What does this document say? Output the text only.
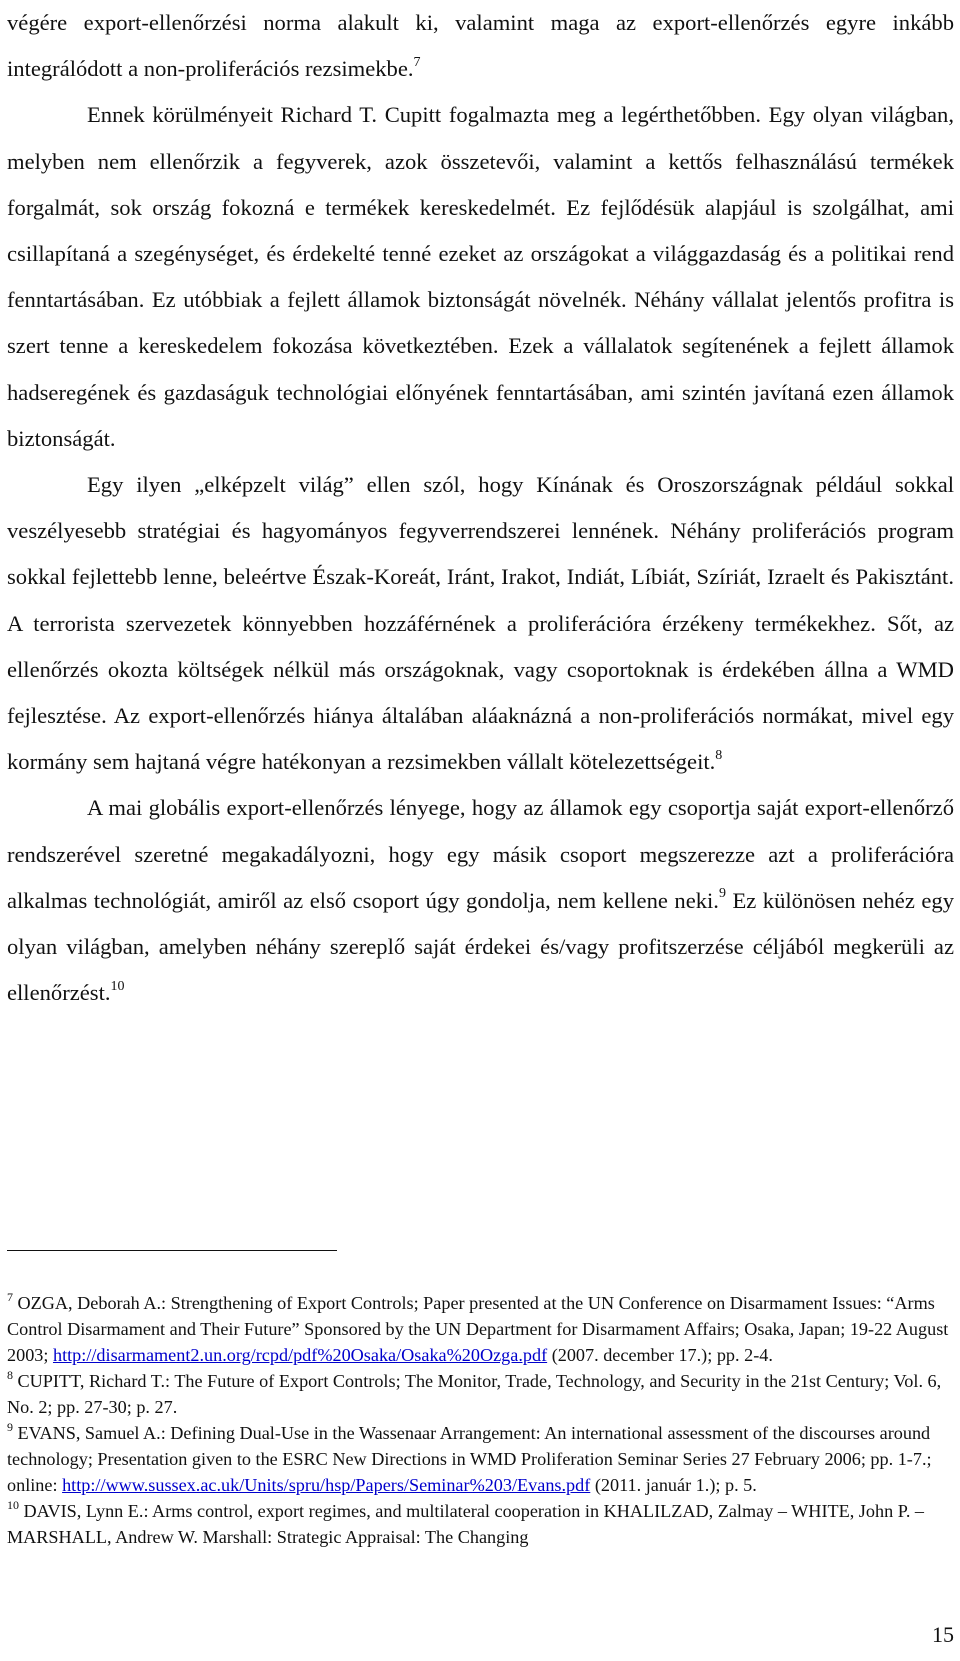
végére export-ellenőrzési norma alakult ki, valamint maga az export-ellenőrzés egyre inkább integrálódott a non-proliferációs rezsimekbe.$^7$

Ennek körülményeit Richard T. Cupitt fogalmazta meg a legérthetőbben. Egy olyan világban, melyben nem ellenőrzik a fegyverek, azok összetevői, valamint a kettős felhasználású termékek forgalmát, sok ország fokozná e termékek kereskedelmét. Ez fejlődésük alapjául is szolgálhat, ami csillapítaná a szegénységet, és érdekelté tenné ezeket az országokat a világgazdaság és a politikai rend fenntartásában. Ez utóbbiak a fejlett államok biztonságát növelnék. Néhány vállalat jelentős profitra is szert tenne a kereskedelem fokozása következtében. Ezek a vállalatok segítenének a fejlett államok hadseregének és gazdaságuk technológiai előnyének fenntartásában, ami szintén javítaná ezen államok biztonságát.

Egy ilyen „elképzelt világ” ellen szól, hogy Kínának és Oroszországnak például sokkal veszélyesebb stratégiai és hagyományos fegyverrendszerei lennének. Néhány proliferációs program sokkal fejlettebb lenne, beleértve Észak-Koreát, Iránt, Irakot, Indiát, Líbiát, Szíriát, Izraelt és Pakisztánt. A terrorista szervezetek könnyebben hozzáférnének a proliferációra érzékeny termékekhez. Sőt, az ellenőrzés okozta költségek nélkül más országoknak, vagy csoportoknak is érdekében állna a WMD fejlesztése. Az export-ellenőrzés hiánya általában aláaknázná a non-proliferációs normákat, mivel egy kormány sem hajtaná végre hatékonyan a rezsimekben vállalt kötelezettségeit.$^8$

A mai globális export-ellenőrzés lényege, hogy az államok egy csoportja saját export-ellenőrző rendszerével szeretné megakadályozni, hogy egy másik csoport megszerezze azt a proliferációra alkalmas technológiát, amiről az első csoport úgy gondolja, nem kellene neki.$^9$ Ez különösen nehéz egy olyan világban, amelyben néhány szereplő saját érdekei és/vagy profitszerzése céljából megkerüli az ellenőrzést.$^{10}$

$^7$ OZGA, Deborah A.: Strengthening of Export Controls; Paper presented at the UN Conference on Disarmament Issues: “Arms Control Disarmament and Their Future” Sponsored by the UN Department for Disarmament Affairs; Osaka, Japan; 19-22 August 2003; http://disarmament2.un.org/rcpd/pdf%20Osaka/Osaka%20Ozga.pdf (2007. december 17.); pp. 2-4.

$^8$ CUPITT, Richard T.: The Future of Export Controls; The Monitor, Trade, Technology, and Security in the 21st Century; Vol. 6, No. 2; pp. 27-30; p. 27.

$^9$ EVANS, Samuel A.: Defining Dual-Use in the Wassenaar Arrangement: An international assessment of the discourses around technology; Presentation given to the ESRC New Directions in WMD Proliferation Seminar Series 27 February 2006; pp. 1-7.; online: http://www.sussex.ac.uk/Units/spru/hsp/Papers/Seminar%203/Evans.pdf (2011. január 1.); p. 5.

$^{10}$ DAVIS, Lynn E.: Arms control, export regimes, and multilateral cooperation in KHALILZAD, Zalmay – WHITE, John P. – MARSHALL, Andrew W. Marshall: Strategic Appraisal: The Changing

15
